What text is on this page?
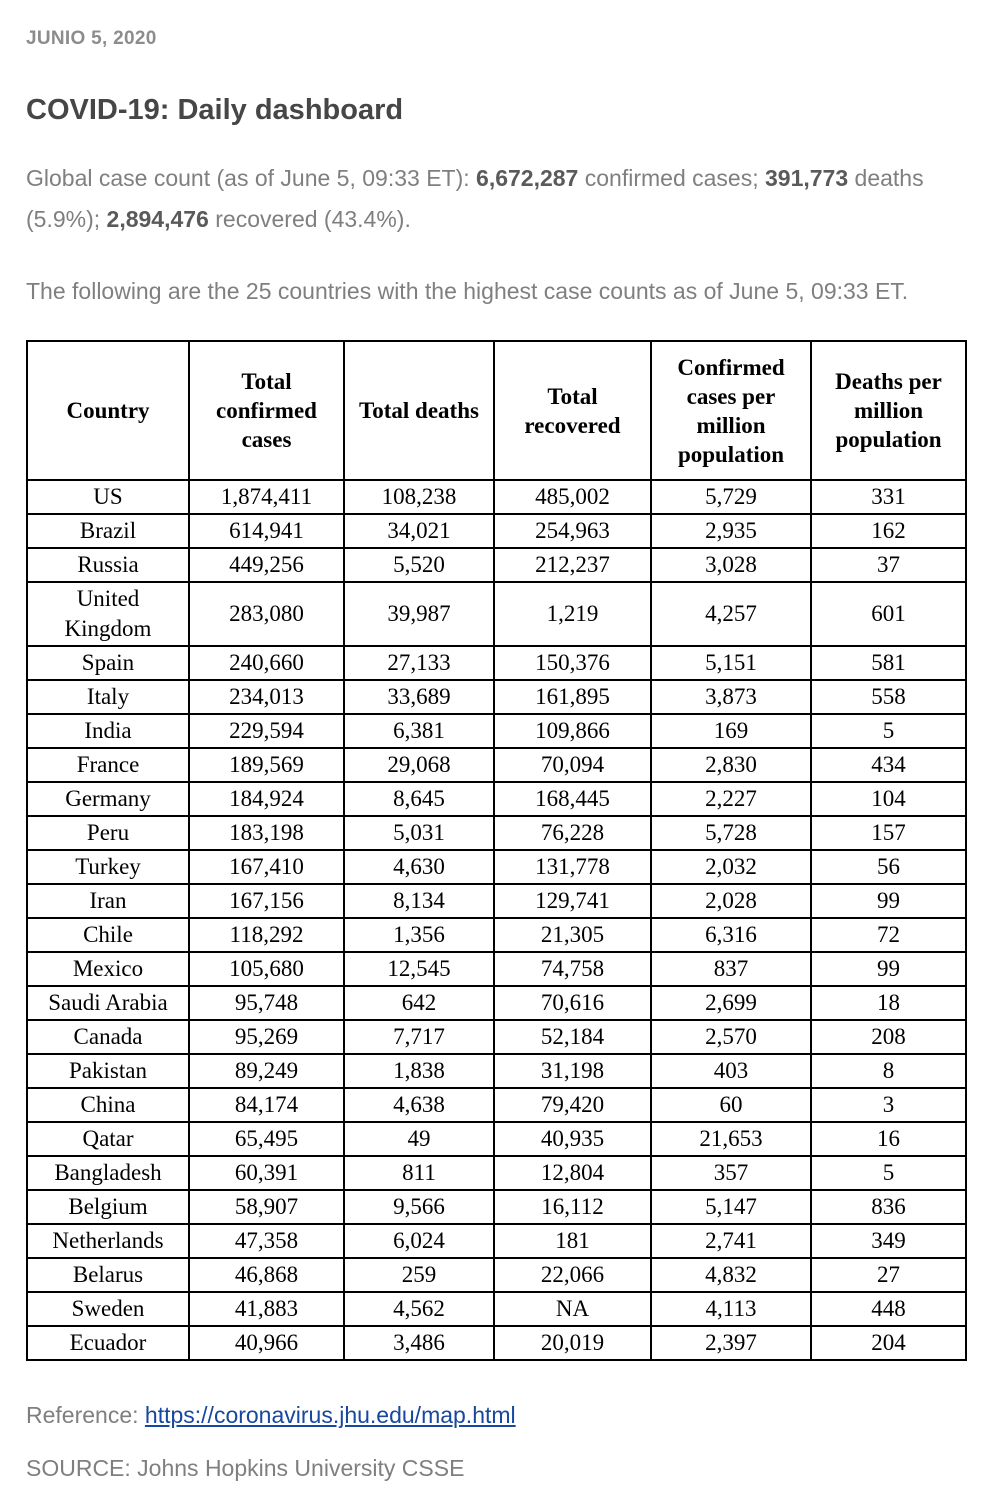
JUNIO 5, 2020

COVID-19: Daily dashboard

Global case count (as of June 5, 09:33 ET): 6,672,287 confirmed cases; 391,773 deaths (5.9%); 2,894,476 recovered (43.4%).

The following are the 25 countries with the highest case counts as of June 5, 09:33 ET.

Country	Total confirmed cases	Total deaths	Total recovered	Confirmed cases per million population	Deaths per million population
US	1,874,411	108,238	485,002	5,729	331
Brazil	614,941	34,021	254,963	2,935	162
Russia	449,256	5,520	212,237	3,028	37
United Kingdom	283,080	39,987	1,219	4,257	601
Spain	240,660	27,133	150,376	5,151	581
Italy	234,013	33,689	161,895	3,873	558
India	229,594	6,381	109,866	169	5
France	189,569	29,068	70,094	2,830	434
Germany	184,924	8,645	168,445	2,227	104
Peru	183,198	5,031	76,228	5,728	157
Turkey	167,410	4,630	131,778	2,032	56
Iran	167,156	8,134	129,741	2,028	99
Chile	118,292	1,356	21,305	6,316	72
Mexico	105,680	12,545	74,758	837	99
Saudi Arabia	95,748	642	70,616	2,699	18
Canada	95,269	7,717	52,184	2,570	208
Pakistan	89,249	1,838	31,198	403	8
China	84,174	4,638	79,420	60	3
Qatar	65,495	49	40,935	21,653	16
Bangladesh	60,391	811	12,804	357	5
Belgium	58,907	9,566	16,112	5,147	836
Netherlands	47,358	6,024	181	2,741	349
Belarus	46,868	259	22,066	4,832	27
Sweden	41,883	4,562	NA	4,113	448
Ecuador	40,966	3,486	20,019	2,397	204

Reference: https://coronavirus.jhu.edu/map.html

SOURCE: Johns Hopkins University CSSE
